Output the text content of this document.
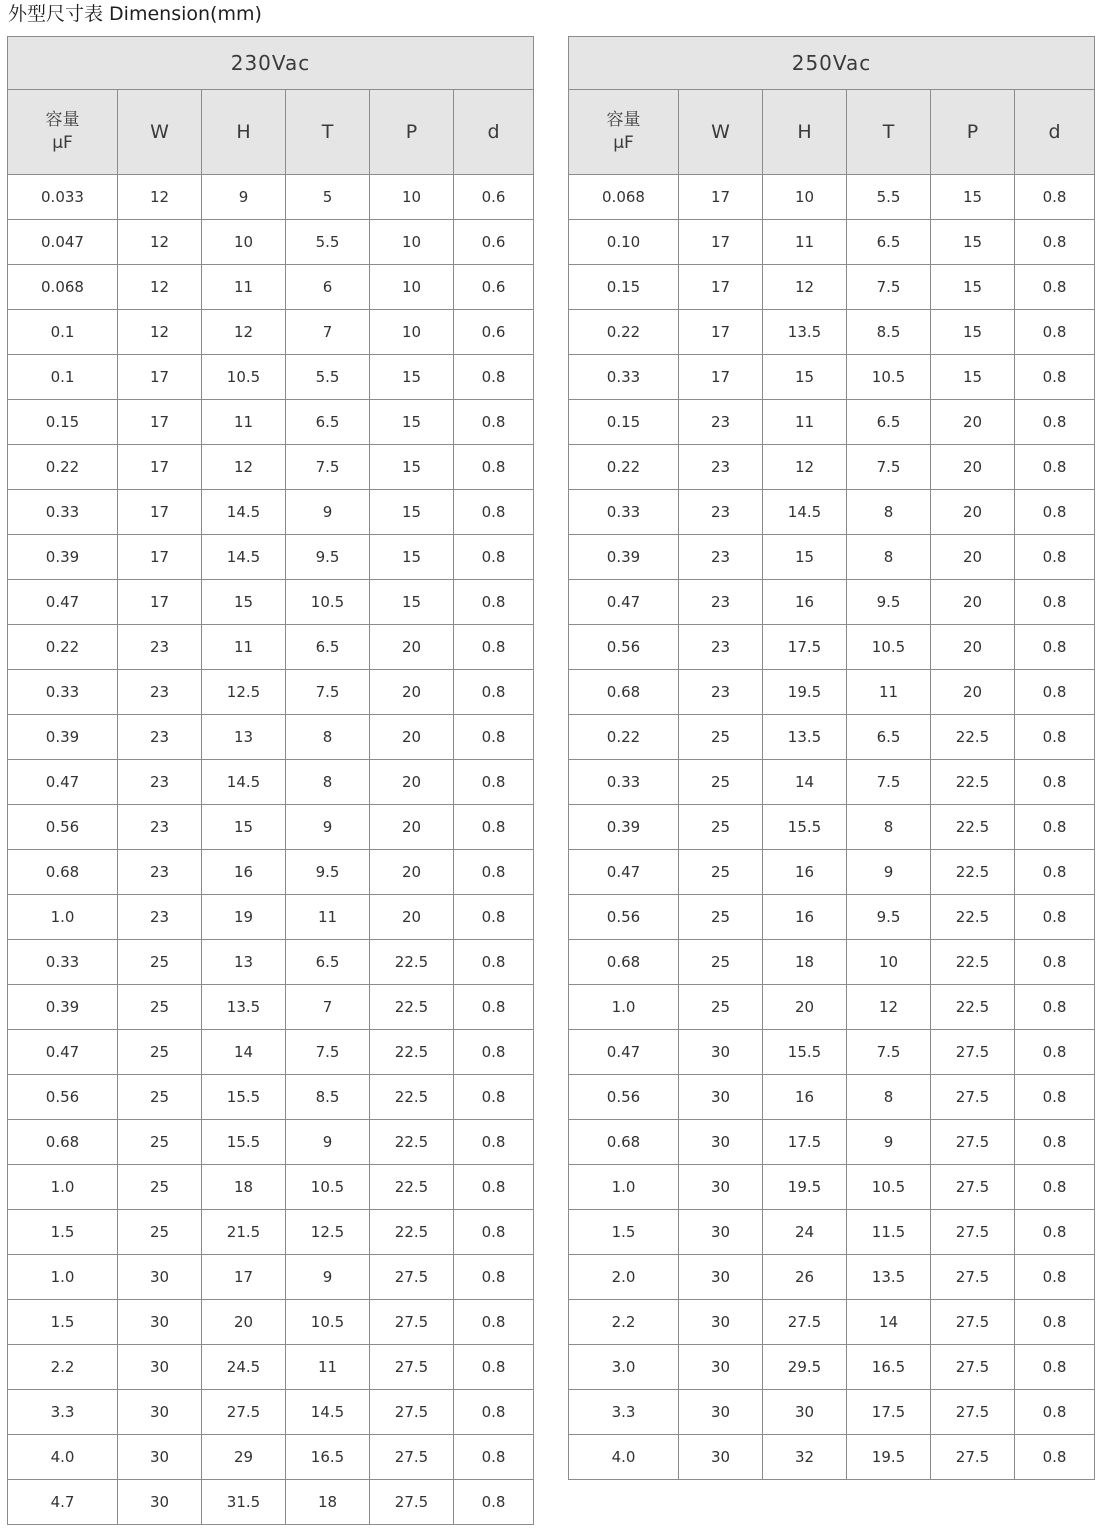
外型尺寸表 Dimension(mm)
230Vac					

容量
μF	W	H	T	P	d
0.033	12	9	5	10	0.6
0.047	12	10	5.5	10	0.6
0.068	12	11	6	10	0.6
0.1	12	12	7	10	0.6
0.1	17	10.5	5.5	15	0.8
0.15	17	11	6.5	15	0.8
0.22	17	12	7.5	15	0.8
0.33	17	14.5	9	15	0.8
0.39	17	14.5	9.5	15	0.8
0.47	17	15	10.5	15	0.8
0.22	23	11	6.5	20	0.8
0.33	23	12.5	7.5	20	0.8
0.39	23	13	8	20	0.8
0.47	23	14.5	8	20	0.8
0.56	23	15	9	20	0.8
0.68	23	16	9.5	20	0.8
1.0	23	19	11	20	0.8
0.33	25	13	6.5	22.5	0.8
0.39	25	13.5	7	22.5	0.8
0.47	25	14	7.5	22.5	0.8
0.56	25	15.5	8.5	22.5	0.8
0.68	25	15.5	9	22.5	0.8
1.0	25	18	10.5	22.5	0.8
1.5	25	21.5	12.5	22.5	0.8
1.0	30	17	9	27.5	0.8
1.5	30	20	10.5	27.5	0.8
2.2	30	24.5	11	27.5	0.8
3.3	30	27.5	14.5	27.5	0.8
4.0	30	29	16.5	27.5	0.8
4.7	30	31.5	18	27.5	0.8
250Vac					

容量
μF	W	H	T	P	d
0.068	17	10	5.5	15	0.8
0.10	17	11	6.5	15	0.8
0.15	17	12	7.5	15	0.8
0.22	17	13.5	8.5	15	0.8
0.33	17	15	10.5	15	0.8
0.15	23	11	6.5	20	0.8
0.22	23	12	7.5	20	0.8
0.33	23	14.5	8	20	0.8
0.39	23	15	8	20	0.8
0.47	23	16	9.5	20	0.8
0.56	23	17.5	10.5	20	0.8
0.68	23	19.5	11	20	0.8
0.22	25	13.5	6.5	22.5	0.8
0.33	25	14	7.5	22.5	0.8
0.39	25	15.5	8	22.5	0.8
0.47	25	16	9	22.5	0.8
0.56	25	16	9.5	22.5	0.8
0.68	25	18	10	22.5	0.8
1.0	25	20	12	22.5	0.8
0.47	30	15.5	7.5	27.5	0.8
0.56	30	16	8	27.5	0.8
0.68	30	17.5	9	27.5	0.8
1.0	30	19.5	10.5	27.5	0.8
1.5	30	24	11.5	27.5	0.8
2.0	30	26	13.5	27.5	0.8
2.2	30	27.5	14	27.5	0.8
3.0	30	29.5	16.5	27.5	0.8
3.3	30	30	17.5	27.5	0.8
4.0	30	32	19.5	27.5	0.8
